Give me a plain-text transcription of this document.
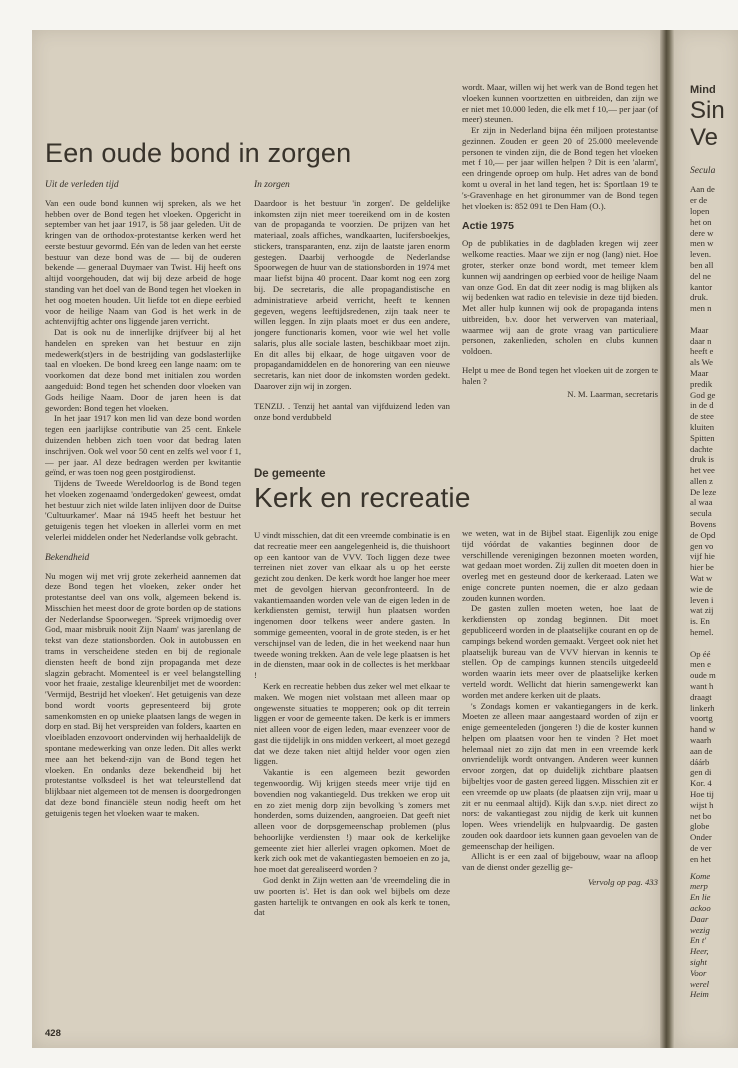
Een oude bond in zorgen
Uit de verleden tijd

Van een oude bond kunnen wij spreken, als we het hebben over de Bond tegen het vloeken. Opgericht in september van het jaar 1917, is 58 jaar geleden. Uit de kringen van de orthodox-protestantse kerken werd het eerste bestuur gevormd. Eén van de leden van het eerste bestuur van deze bond was de — bij de ouderen bekende — generaal Duymaer van Twist. Hij heeft ons altijd voorgehouden, dat wij bij deze arbeid de hoge standing van het doel van de Bond tegen het vloeken in het oog moeten houden. Uit liefde tot en diepe eerbied voor de heilige Naam van God is het werk in de achtenvijftig achter ons liggende jaren verricht.

Dat is ook nu de innerlijke drijfveer bij al het handelen en spreken van het bestuur en zijn medewerk(st)ers in de bestrijding van godslasterlijke taal en vloeken. De bond kreeg een lange naam: om te voorkomen dat deze bond met initialen zou worden aangeduid: Bond tegen het schenden door vloeken van Gods heilige Naam. Door de jaren heen is dat geworden: Bond tegen het vloeken.

In het jaar 1917 kon men lid van deze bond worden tegen een jaarlijkse contributie van 25 cent. Enkele duizenden hebben zich toen voor dat bedrag laten inschrijven. Ook wel voor 50 cent en zelfs wel voor f 1,— per jaar. Al deze bedragen werden per kwitantie geïnd, er was toen nog geen postgirodienst.

Tijdens de Tweede Wereldoorlog is de Bond tegen het vloeken zogenaamd 'ondergedoken' geweest, omdat het bestuur zich niet wilde laten inlijven door de Duitse 'Cultuurkamer'. Maar ná 1945 heeft het bestuur het getuigenis tegen het vloeken in allerlei vorm en met velerlei middelen onder het Nederlandse volk gebracht.

Bekendheid

Nu mogen wij met vrij grote zekerheid aannemen dat deze Bond tegen het vloeken, zeker onder het protestantse deel van ons volk, algemeen bekend is. Misschien het meest door de grote borden op de stations der Nederlandse Spoorwegen. 'Spreek vrijmoedig over God, maar misbruik nooit Zijn Naam' was jarenlang de tekst van deze stationsborden. Ook in autobussen en trams in verscheidene steden en bij de regionale diensten heeft de bond zijn propaganda met deze slagzin gebracht. Momenteel is er veel belangstelling voor het fraaie, zestalige kleurenbiljet met de woorden: 'Vermijd, Bestrijd het vloeken'. Het getuigenis van deze bond wordt voorts gepresenteerd bij grote samenkomsten en op unieke plaatsen langs de wegen in dorp en stad. Bij het verspreiden van folders, kaarten en vloeibladen enzovoort ondervinden wij herhaaldelijk de spontane medewerking van onze leden. Dit alles werkt mee aan het bekend-zijn van de Bond tegen het vloeken. En ondanks deze bekendheid bij het protestantse volksdeel is het wat teleurstellend dat blijkbaar niet algemeen tot de mensen is doorgedrongen dat deze bond financiële steun nodig heeft om het getuigenis tegen het vloeken waar te maken.

In zorgen

Daardoor is het bestuur 'in zorgen'. De geldelijke inkomsten zijn niet meer toereikend om in de kosten van de propaganda te voorzien. De prijzen van het materiaal, zoals affiches, wandkaarten, lucifersboekjes, stickers, transparanten, enz. zijn de laatste jaren enorm gestegen. Daarbij verhoogde de Nederlandse Spoorwegen de huur van de stationsborden in 1974 met maar liefst bijna 40 procent. Daar komt nog een zorg bij. De secretaris, die alle propagandistische en administratieve arbeid verricht, heeft te kennen gegeven, wegens leeftijdsredenen, zijn taak neer te willen leggen. In zijn plaats moet er dus een andere, jongere functionaris komen, voor wie wel het volle salaris, plus alle sociale lasten, beschikbaar moet zijn. En dit alles bij elkaar, de hoge uitgaven voor de propagandamiddelen en de honorering van een nieuwe secretaris, kan niet door de inkomsten worden gedekt. Daarover zijn wij in zorgen.

TENZIJ. . Tenzij het aantal van vijfduizend leden van onze bond verdubbeld

wordt. Maar, willen wij het werk van de Bond tegen het vloeken kunnen voortzetten en uitbreiden, dan zijn we er niet met 10.000 leden, die elk met f 10,— per jaar (of meer) steunen.

Er zijn in Nederland bijna één miljoen protestantse gezinnen. Zouden er geen 20 of 25.000 meelevende personen te vinden zijn, die de Bond tegen het vloeken met f 10,— per jaar willen helpen ? Dit is een 'alarm', een dringende oproep om hulp. Het adres van de bond komt u overal in het land tegen, het is: Sportlaan 19 te 's-Gravenhage en het gironummer van de Bond tegen het vloeken is: 852 091 te Den Ham (O.).

Actie 1975

Op de publikaties in de dagbladen kregen wij zeer welkome reacties. Maar we zijn er nog (lang) niet. Hoe groter, sterker onze bond wordt, met temeer klem kunnen wij aandringen op eerbied voor de heilige Naam van onze God. En dat dit zeer nodig is mag blijken als wij bedenken wat radio en televisie in deze tijd bieden. Met aller hulp kunnen wij ook de propaganda intens uitbreiden, b.v. door het verwerven van materiaal, waarmee wij aan de grote vraag van particuliere personen, zakenlieden, scholen en clubs kunnen voldoen.

Helpt u mee de Bond tegen het vloeken uit de zorgen te halen ?

N. M. Laarman, secretaris
De gemeente
Kerk en recreatie

U vindt misschien, dat dit een vreemde combinatie is en dat recreatie meer een aangelegenheid is, die thuishoort op een kantoor van de VVV. Toch liggen deze twee terreinen niet zover van elkaar als u op het eerste gezicht zou denken. De kerk wordt hoe langer hoe meer met de gevolgen hiervan geconfronteerd. In de vakantiemaanden worden vele van de eigen leden in de kerkdiensten gemist, terwijl hun plaatsen worden ingenomen door telkens weer andere gasten. In sommige gemeenten, vooral in de grote steden, is er het verschijnsel van de leden, die in het weekend naar hun tweede woning trekken. Aan de vele lege plaatsen is het in de diensten, maar ook in de collectes is het merkbaar !

Kerk en recreatie hebben dus zeker wel met elkaar te maken. We mogen niet volstaan met alleen maar op ongewenste situaties te mopperen; ook op dit terrein liggen er voor de gemeente taken. De kerk is er immers niet alleen voor de eigen leden, maar evenzeer voor de gast die tijdelijk in ons midden verkeert, al moet gezegd dat we deze taken niet altijd helder voor ogen zien liggen.

Vakantie is een algemeen bezit geworden tegenwoordig. Wij krijgen steeds meer vrije tijd en bovendien nog vakantiegeld. Dus trekken we erop uit en zo ziet menig dorp zijn bevolking 's zomers met honderden, soms duizenden, aangroeien. Dat geeft niet alleen voor de dorpsgemeenschap problemen (plus behoorlijke verdiensten !) maar ook de kerkelijke gemeente ziet hier allerlei vragen opkomen. Moet de kerk zich ook met de vakantiegasten bemoeien en zo ja, hoe moet dat gerealiseerd worden ?

God denkt in Zijn wetten aan 'de vreemdeling die in uw poorten is'. Het is dan ook wel bijbels om deze gasten hartelijk te ontvangen en ook als kerk te tonen, dat

we weten, wat in de Bijbel staat. Eigenlijk zou enige tijd vóórdat de vakanties beginnen door de verschillende verenigingen bezonnen moeten worden, wat gedaan moet worden. Zij zullen dit moeten doen in overleg met en gesteund door de kerkeraad. Laten we enige concrete punten noemen, die er alzo gedaan zouden kunnen worden.

De gasten zullen moeten weten, hoe laat de kerkdiensten op zondag beginnen. Dit moet gepubliceerd worden in de plaatselijke courant en op de campings bekend worden gemaakt. Vergeet ook niet het plaatselijk bureau van de VVV hiervan in kennis te stellen. Op de campings kunnen stencils uitgedeeld worden waarin iets meer over de plaatselijke kerken verteld wordt. Wellicht dat hierin samengewerkt kan worden met andere kerken uit de plaats.

's Zondags komen er vakantiegangers in de kerk. Moeten ze alleen maar aangestaard worden of zijn er enige gemeenteleden (jongeren !) die de koster kunnen helpen om plaatsen voor hen te vinden ? Het moet helemaal niet zo zijn dat men in een vreemde kerk onvriendelijk wordt ontvangen. Anderen weer kunnen ervoor zorgen, dat op duidelijk zichtbare plaatsen bijbeltjes voor de gasten gereed liggen. Misschien zit er een vreemde op uw plaats (de plaatsen zijn vrij, maar u zit er nu eenmaal altijd). Kijk dan s.v.p. niet direct zo nors: de vakantiegast zou nijdig de kerk uit kunnen lopen. Wees vriendelijk en hulpvaardig. De gasten zouden ook daardoor iets kunnen gaan gevoelen van de gemeenschap der heiligen.

Allicht is er een zaal of bijgebouw, waar na afloop van de dienst onder gezellig ge-

Vervolg op pag. 433
428
Mind
Sin
Ve
Secula
Aan de
er de
lopen
het on
dere w
men w
leven.
ben all
del ne
kantor
druk.
men n
Maar
daar n
heeft e
als We
Maar
predik
God ge
in de d
de stee
kluiten
Spitten
dachte
druk is
het vee
allen z
De leze
al waa
secula
Bovens
de Opd
gen vo
vijf hie
hier be
Wat w
wie de
leven i
wat zij
is. En
hemel.
Op éé
men e
oude m
want h
draagt
linkerh
voortg
hand w
waarh
aan de
dáárb
gen di
Kor. 4
Hoe tij
wijst h
net bo
globe
Onder
de ver
en het
Kome
merp
En lie
ackoo
Daar
wezig
En t'
Heer,
sight
Voor
werel
Heim
